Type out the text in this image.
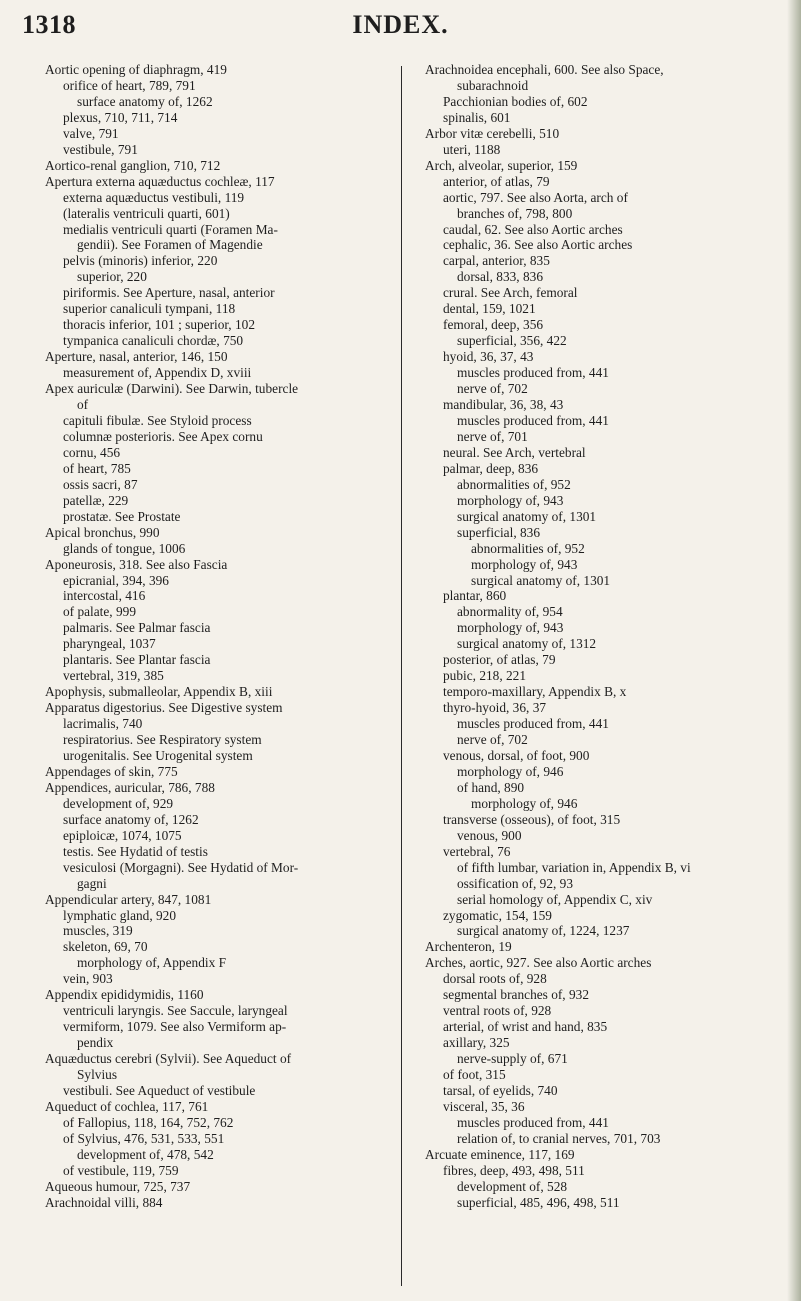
1318	INDEX.
Aortic opening of diaphragm, 419
orifice of heart, 789, 791
surface anatomy of, 1262
plexus, 710, 711, 714
valve, 791
vestibule, 791
Aortico-renal ganglion, 710, 712
Apertura externa aquæductus cochleæ, 117
externa aquæductus vestibuli, 119
(lateralis ventriculi quarti, 601)
medialis ventriculi quarti (Foramen Ma-
gendii). See Foramen of Magendie
pelvis (minoris) inferior, 220
superior, 220
piriformis. See Aperture, nasal, anterior
superior canaliculi tympani, 118
thoracis inferior, 101 ; superior, 102
tympanica canaliculi chordæ, 750
Aperture, nasal, anterior, 146, 150
measurement of, Appendix D, xviii
Apex auriculæ (Darwini). See Darwin, tubercle
of
capituli fibulæ. See Styloid process
columnæ posterioris. See Apex cornu
cornu, 456
of heart, 785
ossis sacri, 87
patellæ, 229
prostatæ. See Prostate
Apical bronchus, 990
glands of tongue, 1006
Aponeurosis, 318. See also Fascia
epicranial, 394, 396
intercostal, 416
of palate, 999
palmaris. See Palmar fascia
pharyngeal, 1037
plantaris. See Plantar fascia
vertebral, 319, 385
Apophysis, submalleolar, Appendix B, xiii
Apparatus digestorius. See Digestive system
lacrimalis, 740
respiratorius. See Respiratory system
urogenitalis. See Urogenital system
Appendages of skin, 775
Appendices, auricular, 786, 788
development of, 929
surface anatomy of, 1262
epiploicæ, 1074, 1075
testis. See Hydatid of testis
vesiculosi (Morgagni). See Hydatid of Mor-
gagni
Appendicular artery, 847, 1081
lymphatic gland, 920
muscles, 319
skeleton, 69, 70
morphology of, Appendix F
vein, 903
Appendix epididymidis, 1160
ventriculi laryngis. See Saccule, laryngeal
vermiform, 1079. See also Vermiform ap-
pendix
Aquæductus cerebri (Sylvii). See Aqueduct of
Sylvius
vestibuli. See Aqueduct of vestibule
Aqueduct of cochlea, 117, 761
of Fallopius, 118, 164, 752, 762
of Sylvius, 476, 531, 533, 551
development of, 478, 542
of vestibule, 119, 759
Aqueous humour, 725, 737
Arachnoidal villi, 884
Arachnoidea encephali, 600. See also Space,
subarachnoid
Pacchionian bodies of, 602
spinalis, 601
Arbor vitæ cerebelli, 510
uteri, 1188
Arch, alveolar, superior, 159
anterior, of atlas, 79
aortic, 797. See also Aorta, arch of
branches of, 798, 800
caudal, 62. See also Aortic arches
cephalic, 36. See also Aortic arches
carpal, anterior, 835
dorsal, 833, 836
crural. See Arch, femoral
dental, 159, 1021
femoral, deep, 356
superficial, 356, 422
hyoid, 36, 37, 43
muscles produced from, 441
nerve of, 702
mandibular, 36, 38, 43
muscles produced from, 441
nerve of, 701
neural. See Arch, vertebral
palmar, deep, 836
abnormalities of, 952
morphology of, 943
surgical anatomy of, 1301
superficial, 836
abnormalities of, 952
morphology of, 943
surgical anatomy of, 1301
plantar, 860
abnormality of, 954
morphology of, 943
surgical anatomy of, 1312
posterior, of atlas, 79
pubic, 218, 221
temporo-maxillary, Appendix B, x
thyro-hyoid, 36, 37
muscles produced from, 441
nerve of, 702
venous, dorsal, of foot, 900
morphology of, 946
of hand, 890
morphology of, 946
transverse (osseous), of foot, 315
venous, 900
vertebral, 76
of fifth lumbar, variation in, Appendix B, vi
ossification of, 92, 93
serial homology of, Appendix C, xiv
zygomatic, 154, 159
surgical anatomy of, 1224, 1237
Archenteron, 19
Arches, aortic, 927. See also Aortic arches
dorsal roots of, 928
segmental branches of, 932
ventral roots of, 928
arterial, of wrist and hand, 835
axillary, 325
nerve-supply of, 671
of foot, 315
tarsal, of eyelids, 740
visceral, 35, 36
muscles produced from, 441
relation of, to cranial nerves, 701, 703
Arcuate eminence, 117, 169
fibres, deep, 493, 498, 511
development of, 528
superficial, 485, 496, 498, 511
